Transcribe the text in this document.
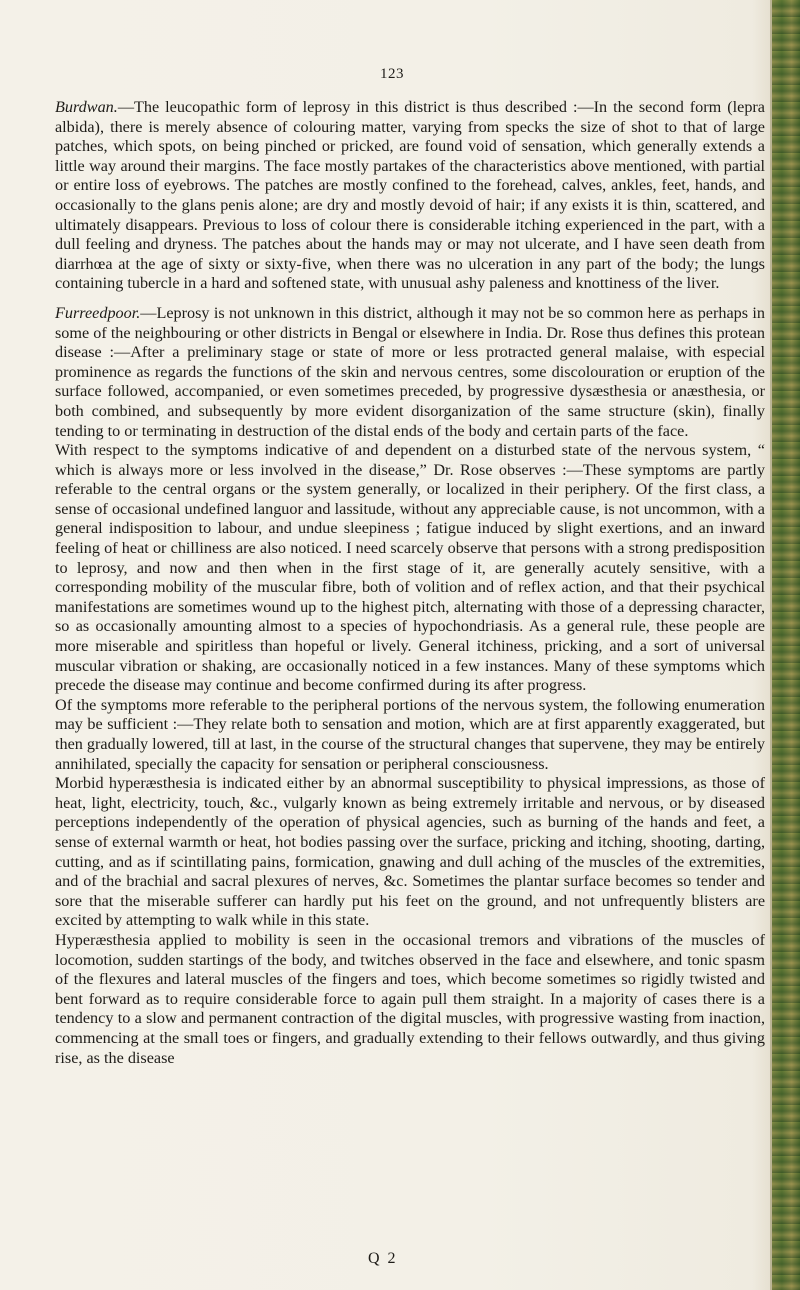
123

Burdwan.—The leucopathic form of leprosy in this district is thus described :—In the second form (lepra albida), there is merely absence of colouring matter, varying from specks the size of shot to that of large patches, which spots, on being pinched or pricked, are found void of sensation, which generally extends a little way around their margins. The face mostly partakes of the characteristics above mentioned, with partial or entire loss of eyebrows. The patches are mostly confined to the forehead, calves, ankles, feet, hands, and occasionally to the glans penis alone; are dry and mostly devoid of hair; if any exists it is thin, scattered, and ultimately disappears. Previous to loss of colour there is considerable itching experienced in the part, with a dull feeling and dryness. The patches about the hands may or may not ulcerate, and I have seen death from diarrhœa at the age of sixty or sixty-five, when there was no ulceration in any part of the body; the lungs containing tubercle in a hard and softened state, with unusual ashy paleness and knottiness of the liver.

Furreedpoor.—Leprosy is not unknown in this district, although it may not be so common here as perhaps in some of the neighbouring or other districts in Bengal or elsewhere in India. Dr. Rose thus defines this protean disease :—After a preliminary stage or state of more or less protracted general malaise, with especial prominence as regards the functions of the skin and nervous centres, some discolouration or eruption of the surface followed, accompanied, or even sometimes preceded, by progressive dysæsthesia or anæsthesia, or both combined, and subsequently by more evident disorganization of the same structure (skin), finally tending to or terminating in destruction of the distal ends of the body and certain parts of the face.

With respect to the symptoms indicative of and dependent on a disturbed state of the nervous system, “ which is always more or less involved in the disease,” Dr. Rose observes :—These symptoms are partly referable to the central organs or the system generally, or localized in their periphery. Of the first class, a sense of occasional undefined languor and lassitude, without any appreciable cause, is not uncommon, with a general indisposition to labour, and undue sleepiness ; fatigue induced by slight exertions, and an inward feeling of heat or chilliness are also noticed. I need scarcely observe that persons with a strong predisposition to leprosy, and now and then when in the first stage of it, are generally acutely sensitive, with a corresponding mobility of the muscular fibre, both of volition and of reflex action, and that their psychical manifestations are sometimes wound up to the highest pitch, alternating with those of a depressing character, so as occasionally amounting almost to a species of hypochondriasis. As a general rule, these people are more miserable and spiritless than hopeful or lively. General itchiness, pricking, and a sort of universal muscular vibration or shaking, are occasionally noticed in a few instances. Many of these symptoms which precede the disease may continue and become confirmed during its after progress.

Of the symptoms more referable to the peripheral portions of the nervous system, the following enumeration may be sufficient :—They relate both to sensation and motion, which are at first apparently exaggerated, but then gradually lowered, till at last, in the course of the structural changes that supervene, they may be entirely annihilated, specially the capacity for sensation or peripheral consciousness.

Morbid hyperæsthesia is indicated either by an abnormal susceptibility to physical impressions, as those of heat, light, electricity, touch, &c., vulgarly known as being extremely irritable and nervous, or by diseased perceptions independently of the operation of physical agencies, such as burning of the hands and feet, a sense of external warmth or heat, hot bodies passing over the surface, pricking and itching, shooting, darting, cutting, and as if scintillating pains, formication, gnawing and dull aching of the muscles of the extremities, and of the brachial and sacral plexures of nerves, &c. Sometimes the plantar surface becomes so tender and sore that the miserable sufferer can hardly put his feet on the ground, and not unfrequently blisters are excited by attempting to walk while in this state.

Hyperæsthesia applied to mobility is seen in the occasional tremors and vibrations of the muscles of locomotion, sudden startings of the body, and twitches observed in the face and elsewhere, and tonic spasm of the flexures and lateral muscles of the fingers and toes, which become sometimes so rigidly twisted and bent forward as to require considerable force to again pull them straight. In a majority of cases there is a tendency to a slow and permanent contraction of the digital muscles, with progressive wasting from inaction, commencing at the small toes or fingers, and gradually extending to their fellows outwardly, and thus giving rise, as the disease

Q 2
